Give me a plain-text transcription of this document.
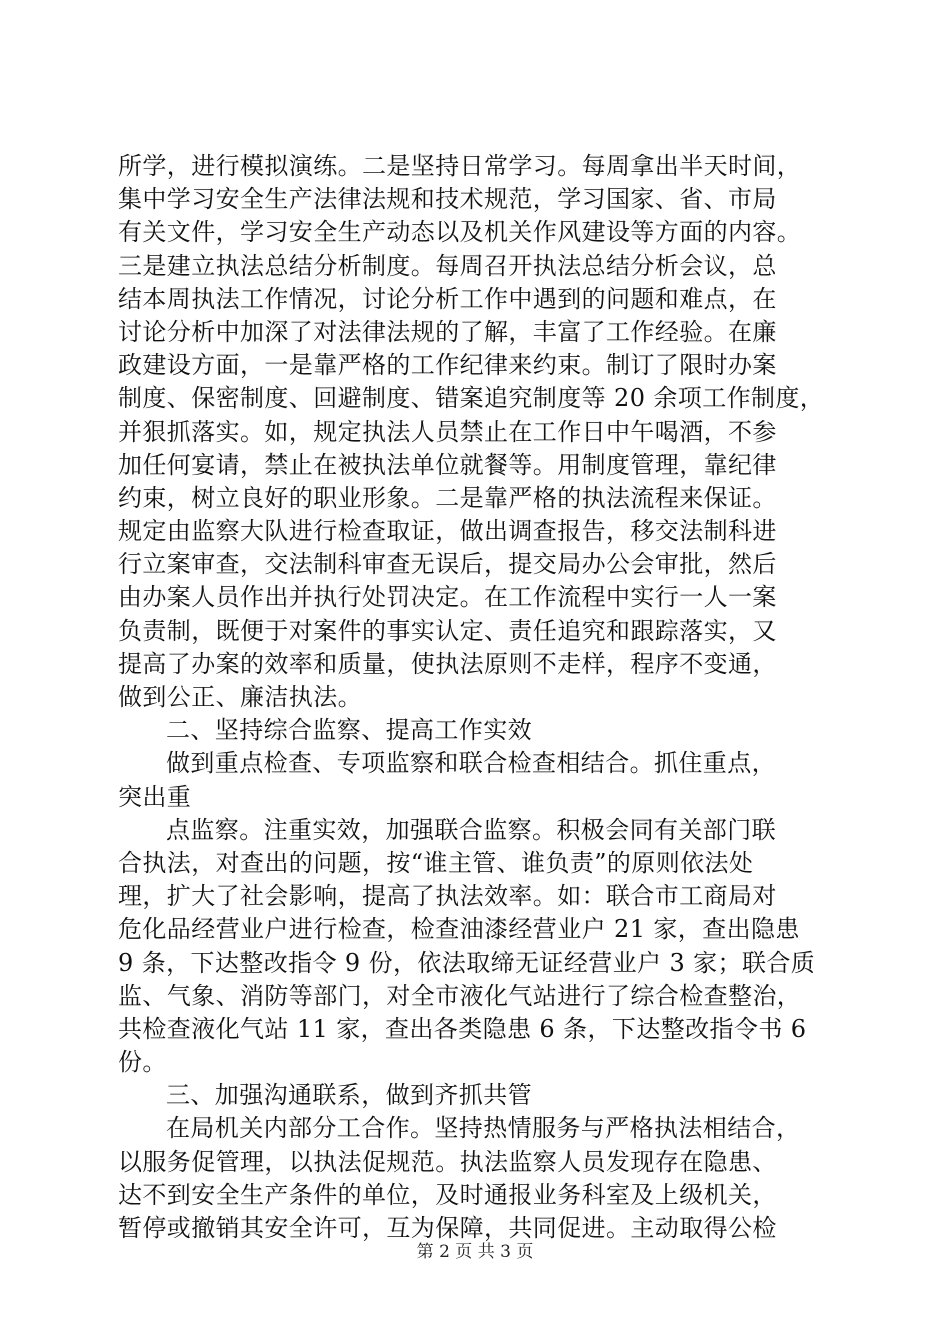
所学，进行模拟演练。二是坚持日常学习。每周拿出半天时间，
集中学习安全生产法律法规和技术规范，学习国家、省、市局
有关文件，学习安全生产动态以及机关作风建设等方面的内容。
三是建立执法总结分析制度。每周召开执法总结分析会议，总
结本周执法工作情况，讨论分析工作中遇到的问题和难点，在
讨论分析中加深了对法律法规的了解，丰富了工作经验。在廉
政建设方面，一是靠严格的工作纪律来约束。制订了限时办案
制度、保密制度、回避制度、错案追究制度等 20 余项工作制度，
并狠抓落实。如，规定执法人员禁止在工作日中午喝酒，不参
加任何宴请，禁止在被执法单位就餐等。用制度管理，靠纪律
约束，树立良好的职业形象。二是靠严格的执法流程来保证。
规定由监察大队进行检查取证，做出调查报告，移交法制科进
行立案审查，交法制科审查无误后，提交局办公会审批，然后
由办案人员作出并执行处罚决定。在工作流程中实行一人一案
负责制，既便于对案件的事实认定、责任追究和跟踪落实，又
提高了办案的效率和质量，使执法原则不走样，程序不变通，
做到公正、廉洁执法。
二、坚持综合监察、提高工作实效
做到重点检查、专项监察和联合检查相结合。抓住重点，
突出重
点监察。注重实效，加强联合监察。积极会同有关部门联
合执法，对查出的问题，按“谁主管、谁负责”的原则依法处
理，扩大了社会影响，提高了执法效率。如：联合市工商局对
危化品经营业户进行检查，检查油漆经营业户 21 家，查出隐患
9 条，下达整改指令 9 份，依法取缔无证经营业户 3 家；联合质
监、气象、消防等部门，对全市液化气站进行了综合检查整治，
共检查液化气站 11 家，查出各类隐患 6 条，下达整改指令书 6
份。
三、加强沟通联系，做到齐抓共管
在局机关内部分工合作。坚持热情服务与严格执法相结合，
以服务促管理，以执法促规范。执法监察人员发现存在隐患、
达不到安全生产条件的单位，及时通报业务科室及上级机关，
暂停或撤销其安全许可，互为保障，共同促进。主动取得公检
第 2 页 共 3 页
